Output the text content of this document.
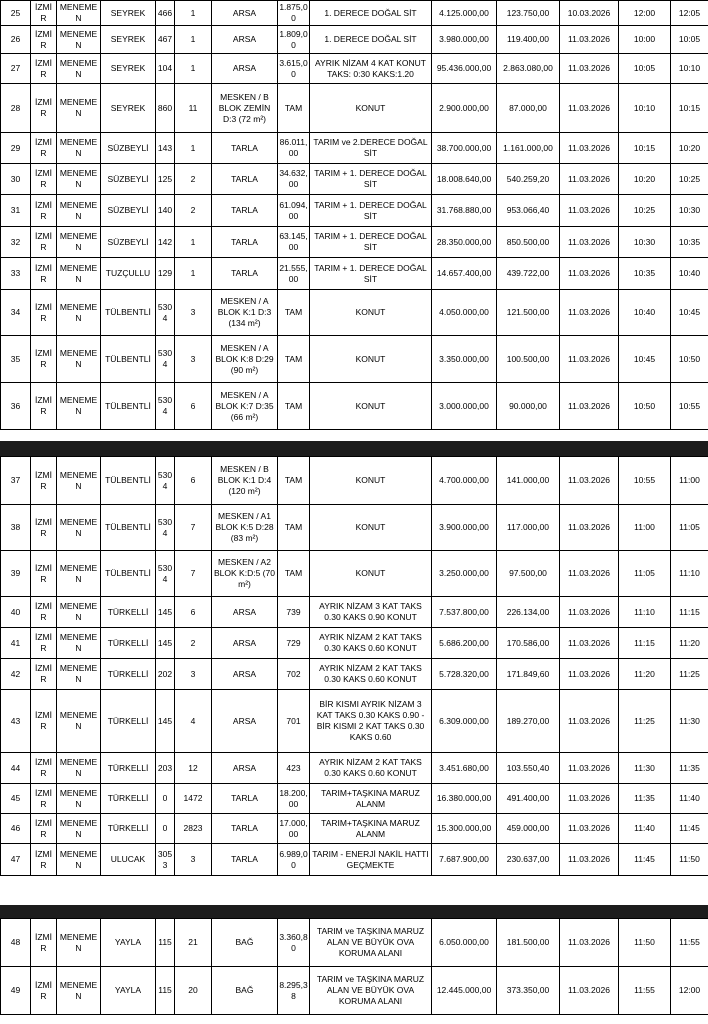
25	İZMİR	MENEMEN	SEYREK	466	1	ARSA	1.875,00	1. DERECE DOĞAL SİT	4.125.000,00	123.750,00	10.03.2026	12:00	12:05
26	İZMİR	MENEMEN	SEYREK	467	1	ARSA	1.809,00	1. DERECE DOĞAL SİT	3.980.000,00	119.400,00	11.03.2026	10:00	10:05
27	İZMİR	MENEMEN	SEYREK	104	1	ARSA	3.615,00	AYRIK NİZAM 4 KAT KONUT TAKS: 0:30 KAKS:1.20	95.436.000,00	2.863.080,00	11.03.2026	10:05	10:10
28	İZMİR	MENEMEN	SEYREK	860	11	MESKEN / B BLOK ZEMİN D:3 (72 m²)	TAM	KONUT	2.900.000,00	87.000,00	11.03.2026	10:10	10:15
29	İZMİR	MENEMEN	SÜZBEYLİ	143	1	TARLA	86.011,00	TARIM ve 2.DERECE DOĞAL SİT	38.700.000,00	1.161.000,00	11.03.2026	10:15	10:20
30	İZMİR	MENEMEN	SÜZBEYLİ	125	2	TARLA	34.632,00	TARIM + 1. DERECE DOĞAL SİT	18.008.640,00	540.259,20	11.03.2026	10:20	10:25
31	İZMİR	MENEMEN	SÜZBEYLİ	140	2	TARLA	61.094,00	TARIM + 1. DERECE DOĞAL SİT	31.768.880,00	953.066,40	11.03.2026	10:25	10:30
32	İZMİR	MENEMEN	SÜZBEYLİ	142	1	TARLA	63.145,00	TARIM + 1. DERECE DOĞAL SİT	28.350.000,00	850.500,00	11.03.2026	10:30	10:35
33	İZMİR	MENEMEN	TUZÇULLU	129	1	TARLA	21.555,00	TARIM + 1. DERECE DOĞAL SİT	14.657.400,00	439.722,00	11.03.2026	10:35	10:40
34	İZMİR	MENEMEN	TÜLBENTLİ	5304	3	MESKEN / A BLOK K:1 D:3 (134 m²)	TAM	KONUT	4.050.000,00	121.500,00	11.03.2026	10:40	10:45
35	İZMİR	MENEMEN	TÜLBENTLİ	5304	3	MESKEN / A BLOK K:8 D:29 (90 m²)	TAM	KONUT	3.350.000,00	100.500,00	11.03.2026	10:45	10:50
36	İZMİR	MENEMEN	TÜLBENTLİ	5304	6	MESKEN / A BLOK K:7 D:35 (66 m²)	TAM	KONUT	3.000.000,00	90.000,00	11.03.2026	10:50	10:55
37	İZMİR	MENEMEN	TÜLBENTLİ	5304	6	MESKEN / B BLOK K:1 D:4 (120 m²)	TAM	KONUT	4.700.000,00	141.000,00	11.03.2026	10:55	11:00
38	İZMİR	MENEMEN	TÜLBENTLİ	5304	7	MESKEN / A1 BLOK K:5 D:28 (83 m²)	TAM	KONUT	3.900.000,00	117.000,00	11.03.2026	11:00	11:05
39	İZMİR	MENEMEN	TÜLBENTLİ	5304	7	MESKEN / A2 BLOK K:D:5 (70 m²)	TAM	KONUT	3.250.000,00	97.500,00	11.03.2026	11:05	11:10
40	İZMİR	MENEMEN	TÜRKELLİ	145	6	ARSA	739	AYRIK NİZAM 3 KAT TAKS 0.30 KAKS 0.90 KONUT	7.537.800,00	226.134,00	11.03.2026	11:10	11:15
41	İZMİR	MENEMEN	TÜRKELLİ	145	2	ARSA	729	AYRIK NİZAM 2 KAT TAKS 0.30 KAKS 0.60 KONUT	5.686.200,00	170.586,00	11.03.2026	11:15	11:20
42	İZMİR	MENEMEN	TÜRKELLİ	202	3	ARSA	702	AYRIK NİZAM 2 KAT TAKS 0.30 KAKS 0.60 KONUT	5.728.320,00	171.849,60	11.03.2026	11:20	11:25
43	İZMİR	MENEMEN	TÜRKELLİ	145	4	ARSA	701	BİR KISMI AYRIK NİZAM 3 KAT TAKS 0.30 KAKS 0.90 - BİR KISMI 2 KAT TAKS 0.30 KAKS 0.60	6.309.000,00	189.270,00	11.03.2026	11:25	11:30
44	İZMİR	MENEMEN	TÜRKELLİ	203	12	ARSA	423	AYRIK NİZAM 2 KAT TAKS 0.30 KAKS 0.60 KONUT	3.451.680,00	103.550,40	11.03.2026	11:30	11:35
45	İZMİR	MENEMEN	TÜRKELLİ	0	1472	TARLA	18.200,00	TARIM+TAŞKINA MARUZ ALANM	16.380.000,00	491.400,00	11.03.2026	11:35	11:40
46	İZMİR	MENEMEN	TÜRKELLİ	0	2823	TARLA	17.000,00	TARIM+TAŞKINA MARUZ ALANM	15.300.000,00	459.000,00	11.03.2026	11:40	11:45
47	İZMİR	MENEMEN	ULUCAK	3053	3	TARLA	6.989,00	TARIM - ENERJİ NAKİL HATTI GEÇMEKTE	7.687.900,00	230.637,00	11.03.2026	11:45	11:50
48	İZMİR	MENEMEN	YAYLA	115	21	BAĞ	3.360,80	TARIM ve TAŞKINA MARUZ ALAN VE BÜYÜK OVA KORUMA ALANI	6.050.000,00	181.500,00	11.03.2026	11:50	11:55
49	İZMİR	MENEMEN	YAYLA	115	20	BAĞ	8.295,38	TARIM ve TAŞKINA MARUZ ALAN VE BÜYÜK OVA KORUMA ALANI	12.445.000,00	373.350,00	11.03.2026	11:55	12:00
